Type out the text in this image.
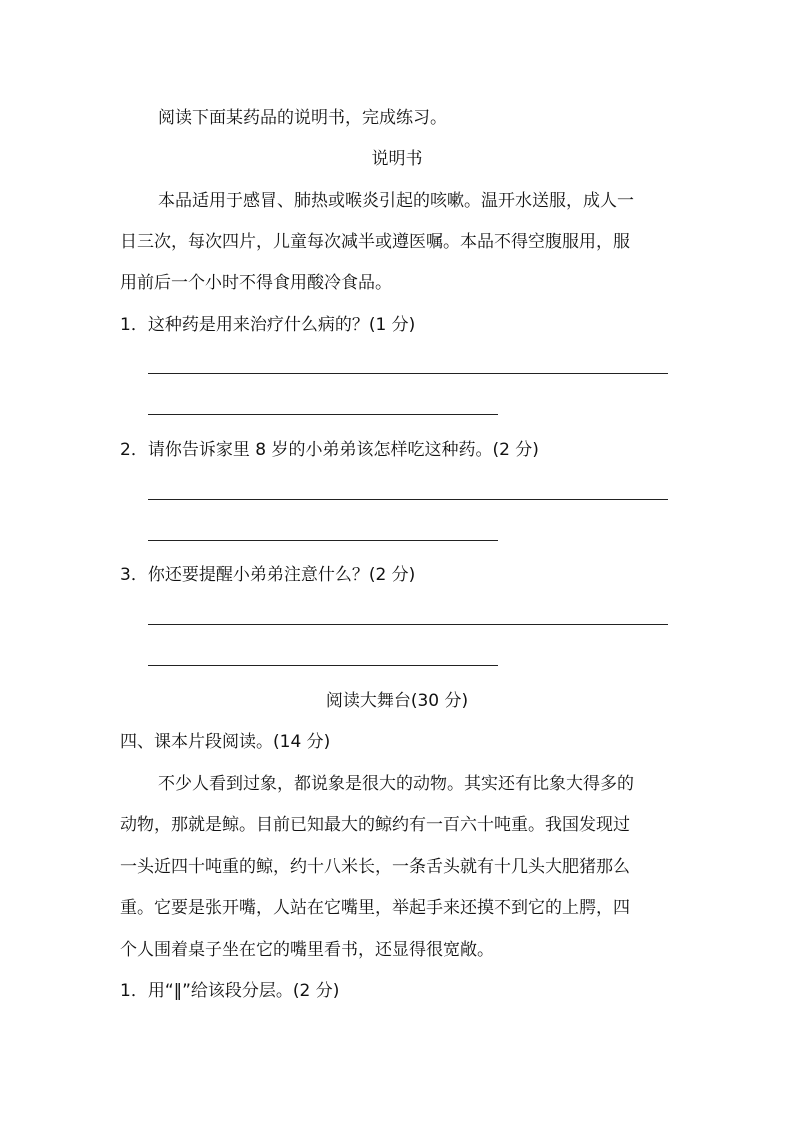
阅读下面某药品的说明书，完成练习。
说明书
本品适用于感冒、肺热或喉炎引起的咳嗽。温开水送服，成人一
日三次，每次四片，儿童每次减半或遵医嘱。本品不得空腹服用，服
用前后一个小时不得食用酸冷食品。
1．这种药是用来治疗什么病的？(1 分)
2．请你告诉家里 8 岁的小弟弟该怎样吃这种药。(2 分)
3．你还要提醒小弟弟注意什么？(2 分)
阅读大舞台(30 分)
四、课本片段阅读。(14 分)
不少人看到过象，都说象是很大的动物。其实还有比象大得多的
动物，那就是鲸。目前已知最大的鲸约有一百六十吨重。我国发现过
一头近四十吨重的鲸，约十八米长，一条舌头就有十几头大肥猪那么
重。它要是张开嘴，人站在它嘴里，举起手来还摸不到它的上腭，四
个人围着桌子坐在它的嘴里看书，还显得很宽敞。
1．用“‖”给该段分层。(2 分)
